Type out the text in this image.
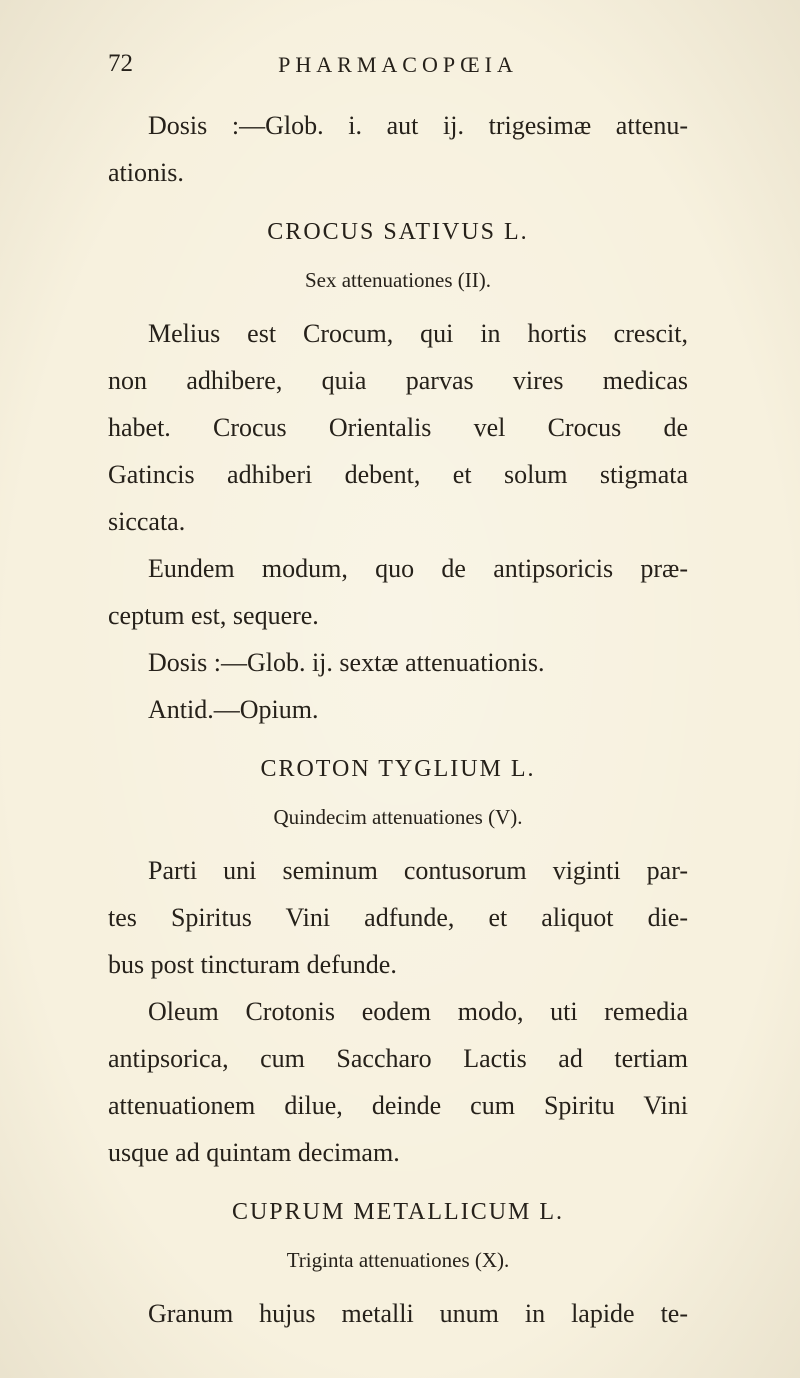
72	PHARMACOPŒIA
Dosis :—Glob. i. aut ij. trigesimæ attenu-
ationis.
CROCUS SATIVUS L.
Sex attenuationes (II).
Melius est Crocum, qui in hortis crescit,
non adhibere, quia parvas vires medicas
habet. Crocus Orientalis vel Crocus de
Gatincis adhiberi debent, et solum stigmata
siccata.
Eundem modum, quo de antipsoricis præ-
ceptum est, sequere.
Dosis :—Glob. ij. sextæ attenuationis.
Antid.—Opium.
CROTON TYGLIUM L.
Quindecim attenuationes (V).
Parti uni seminum contusorum viginti par-
tes Spiritus Vini adfunde, et aliquot die-
bus post tincturam defunde.
Oleum Crotonis eodem modo, uti remedia
antipsorica, cum Saccharo Lactis ad tertiam
attenuationem dilue, deinde cum Spiritu Vini
usque ad quintam decimam.
CUPRUM METALLICUM L.
Triginta attenuationes (X).
Granum hujus metalli unum in lapide te-
